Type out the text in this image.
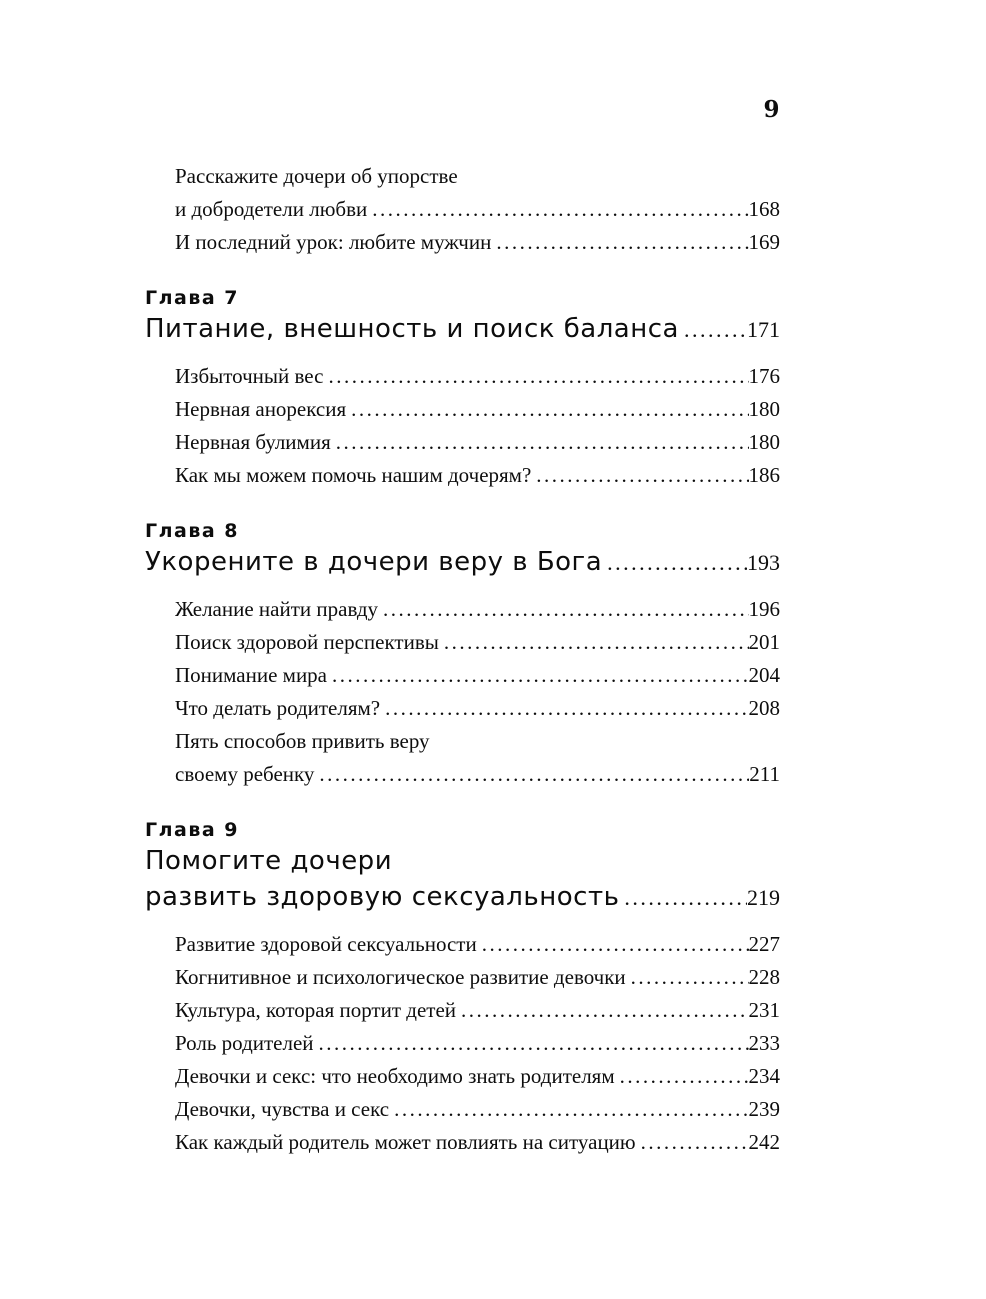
9
Расскажите дочери об упорстве
и добродетели любви .....	168
И последний урок: любите мужчин .....	169
Глава 7
Питание, внешность и поиск баланса .....	171
Избыточный вес .....	176
Нервная анорексия .....	180
Нервная булимия .....	180
Как мы можем помочь нашим дочерям? .....	186
Глава 8
Укорените в дочери веру в Бога .....	193
Желание найти правду .....	196
Поиск здоровой перспективы .....	201
Понимание мира .....	204
Что делать родителям? .....	208
Пять способов привить веру
своему ребенку .....	211
Глава 9
Помогите дочери
развить здоровую сексуальность .....	219
Развитие здоровой сексуальности .....	227
Когнитивное и психологическое развитие девочки .....	228
Культура, которая портит детей .....	231
Роль родителей .....	233
Девочки и секс: что необходимо знать родителям .....	234
Девочки, чувства и секс .....	239
Как каждый родитель может повлиять на ситуацию .....	242
